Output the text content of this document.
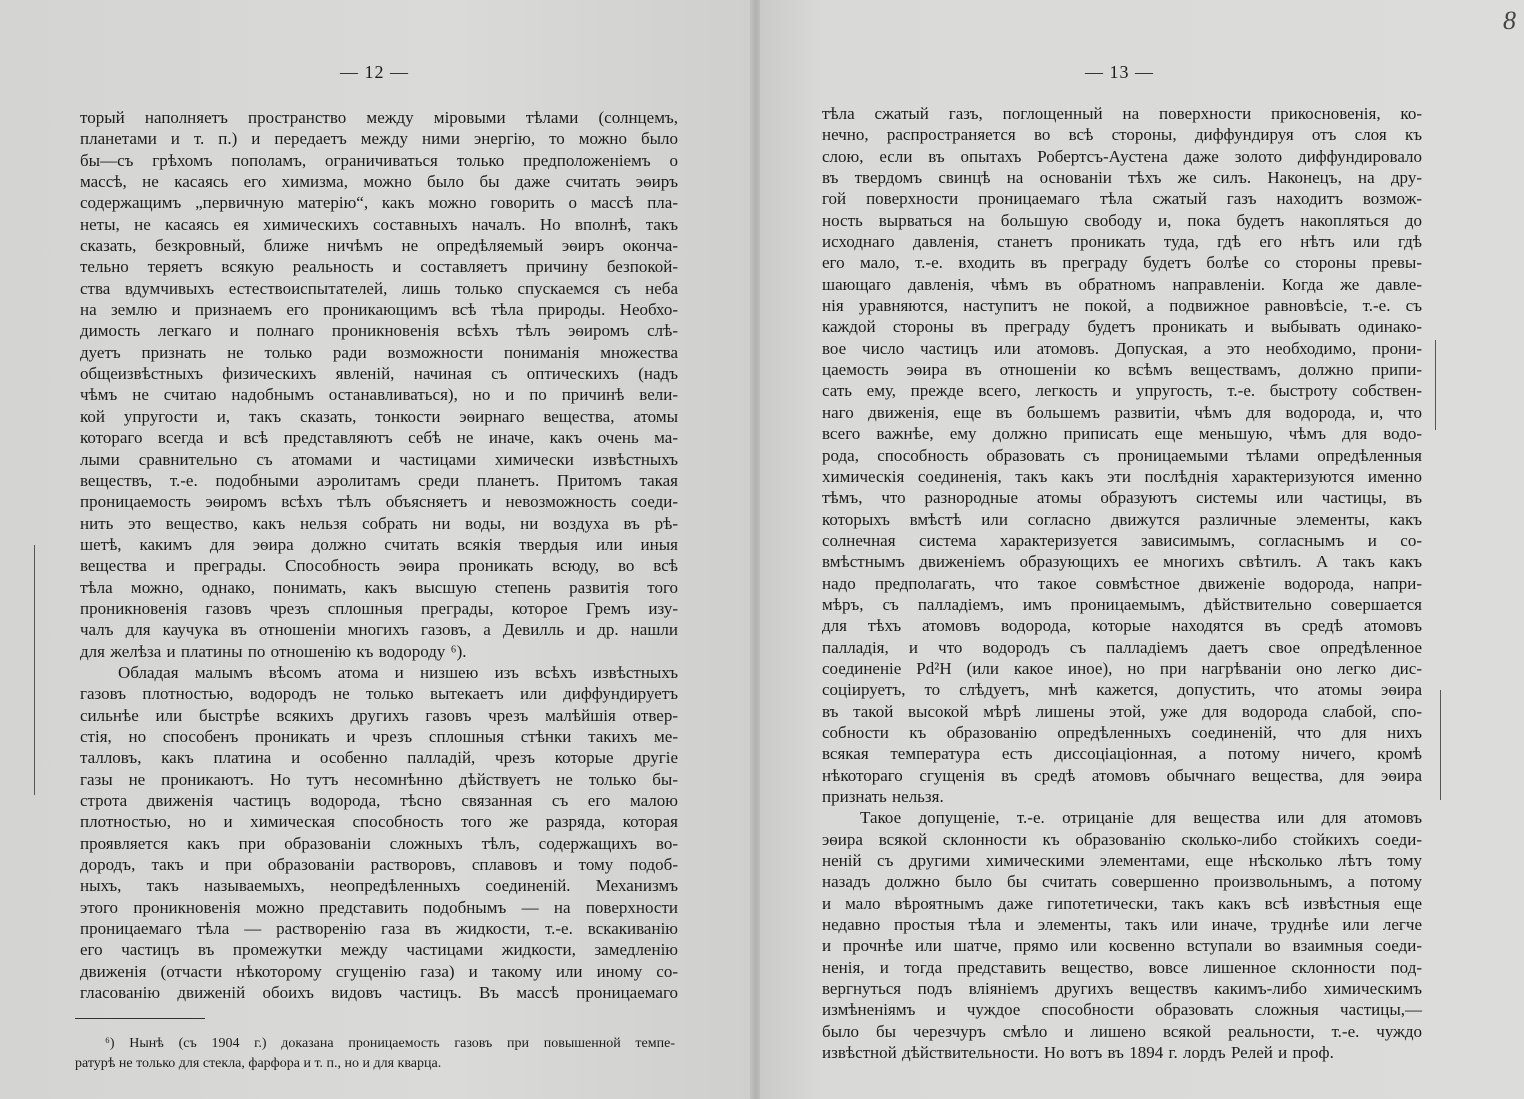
— 12 —
торый наполняетъ пространство между міровыми тѣлами (солнцемъ,
планетами и т. п.) и передаетъ между ними энергію, то можно было
бы—съ грѣхомъ пополамъ, ограничиваться только предположеніемъ о
массѣ, не касаясь его химизма, можно было бы даже считать эѳиръ
содержащимъ „первичную матерію“, какъ можно говорить о массѣ пла-
неты, не касаясь ея химическихъ составныхъ началъ. Но вполнѣ, такъ
сказать, безкровный, ближе ничѣмъ не опредѣляемый эѳиръ оконча-
тельно теряетъ всякую реальность и составляетъ причину безпокой-
ства вдумчивыхъ естествоиспытателей, лишь только спускаемся съ неба
на землю и признаемъ его проникающимъ всѣ тѣла природы. Необхо-
димость легкаго и полнаго проникновенія всѣхъ тѣлъ эѳиромъ слѣ-
дуетъ признать не только ради возможности пониманія множества
общеизвѣстныхъ физическихъ явленій, начиная съ оптическихъ (надъ
чѣмъ не считаю надобнымъ останавливаться), но и по причинѣ вели-
кой упругости и, такъ сказать, тонкости эѳирнаго вещества, атомы
котораго всегда и всѣ представляютъ себѣ не иначе, какъ очень ма-
лыми сравнительно съ атомами и частицами химически извѣстныхъ
веществъ, т.-е. подобными аэролитамъ среди планетъ. Притомъ такая
проницаемость эѳиромъ всѣхъ тѣлъ объясняетъ и невозможность соеди-
нить это вещество, какъ нельзя собрать ни воды, ни воздуха въ рѣ-
шетѣ, какимъ для эѳира должно считать всякія твердыя или иныя
вещества и преграды. Способность эѳира проникать всюду, во всѣ
тѣла можно, однако, понимать, какъ высшую степень развитія того
проникновенія газовъ чрезъ сплошныя преграды, которое Гремъ изу-
чалъ для каучука въ отношеніи многихъ газовъ, а Девилль и др. нашли
для желѣза и платины по отношенію къ водороду ⁶).
Обладая малымъ вѣсомъ атома и низшею изъ всѣхъ извѣстныхъ
газовъ плотностью, водородъ не только вытекаетъ или диффундируетъ
сильнѣе или быстрѣе всякихъ другихъ газовъ чрезъ малѣйшія отвер-
стія, но способенъ проникать и чрезъ сплошныя стѣнки такихъ ме-
талловъ, какъ платина и особенно палладій, чрезъ которые другіе
газы не проникаютъ. Но тутъ несомнѣнно дѣйствуетъ не только бы-
строта движенія частицъ водорода, тѣсно связанная съ его малою
плотностью, но и химическая способность того же разряда, которая
проявляется какъ при образованіи сложныхъ тѣлъ, содержащихъ во-
дородъ, такъ и при образованіи растворовъ, сплавовъ и тому подоб-
ныхъ, такъ называемыхъ, неопредѣленныхъ соединеній. Механизмъ
этого проникновенія можно представить подобнымъ — на поверхности
проницаемаго тѣла — растворенію газа въ жидкости, т.-е. вскакиванію
его частицъ въ промежутки между частицами жидкости, замедленію
движенія (отчасти нѣкоторому сгущенію газа) и такому или иному со-
гласованію движеній обоихъ видовъ частицъ. Въ массѣ проницаемаго
⁶) Нынѣ (съ 1904 г.) доказана проницаемость газовъ при повышенной темпе-
ратурѣ не только для стекла, фарфора и т. п., но и для кварца.
— 13 —
тѣла сжатый газъ, поглощенный на поверхности прикосновенія, ко-
нечно, распространяется во всѣ стороны, диффундируя отъ слоя къ
слою, если въ опытахъ Робертсъ-Аустена даже золото диффундировало
въ твердомъ свинцѣ на основаніи тѣхъ же силъ. Наконецъ, на дру-
гой поверхности проницаемаго тѣла сжатый газъ находитъ возмож-
ность вырваться на большую свободу и, пока будетъ накопляться до
исходнаго давленія, станетъ проникать туда, гдѣ его нѣтъ или гдѣ
его мало, т.-е. входить въ преграду будетъ болѣе со стороны превы-
шающаго давленія, чѣмъ въ обратномъ направленіи. Когда же давле-
нія уравняются, наступитъ не покой, а подвижное равновѣсіе, т.-е. съ
каждой стороны въ преграду будетъ проникать и выбывать одинако-
вое число частицъ или атомовъ. Допуская, а это необходимо, прони-
цаемость эѳира въ отношеніи ко всѣмъ веществамъ, должно припи-
сать ему, прежде всего, легкость и упругость, т.-е. быстроту собствен-
наго движенія, еще въ большемъ развитіи, чѣмъ для водорода, и, что
всего важнѣе, ему должно приписать еще меньшую, чѣмъ для водо-
рода, способность образовать съ проницаемыми тѣлами опредѣленныя
химическія соединенія, такъ какъ эти послѣднія характеризуются именно
тѣмъ, что разнородные атомы образуютъ системы или частицы, въ
которыхъ вмѣстѣ или согласно движутся различные элементы, какъ
солнечная система характеризуется зависимымъ, согласнымъ и со-
вмѣстнымъ движеніемъ образующихъ ее многихъ свѣтилъ. А такъ какъ
надо предполагать, что такое совмѣстное движеніе водорода, напри-
мѣръ, съ палладіемъ, имъ проницаемымъ, дѣйствительно совершается
для тѣхъ атомовъ водорода, которые находятся въ средѣ атомовъ
палладія, и что водородъ съ палладіемъ даетъ свое опредѣленное
соединеніе Pd²H (или какое иное), но при нагрѣваніи оно легко дис-
соціируетъ, то слѣдуетъ, мнѣ кажется, допустить, что атомы эѳира
въ такой высокой мѣрѣ лишены этой, уже для водорода слабой, спо-
собности къ образованію опредѣленныхъ соединеній, что для нихъ
всякая температура есть диссоціаціонная, а потому ничего, кромѣ
нѣкотораго сгущенія въ средѣ атомовъ обычнаго вещества, для эѳира
признать нельзя.
Такое допущеніе, т.-е. отрицаніе для вещества или для атомовъ
эѳира всякой склонности къ образованію сколько-либо стойкихъ соеди-
неній съ другими химическими элементами, еще нѣсколько лѣтъ тому
назадъ должно было бы считать совершенно произвольнымъ, а потому
и мало вѣроятнымъ даже гипотетически, такъ какъ всѣ извѣстныя еще
недавно простыя тѣла и элементы, такъ или иначе, труднѣе или легче
и прочнѣе или шатче, прямо или косвенно вступали во взаимныя соеди-
ненія, и тогда представить вещество, вовсе лишенное склонности под-
вергнуться подъ вліяніемъ другихъ веществъ какимъ-либо химическимъ
измѣненіямъ и чуждое способности образовать сложныя частицы,—
было бы черезчуръ смѣло и лишено всякой реальности, т.-е. чуждо
извѣстной дѣйствительности. Но вотъ въ 1894 г. лордъ Релей и проф.
8
